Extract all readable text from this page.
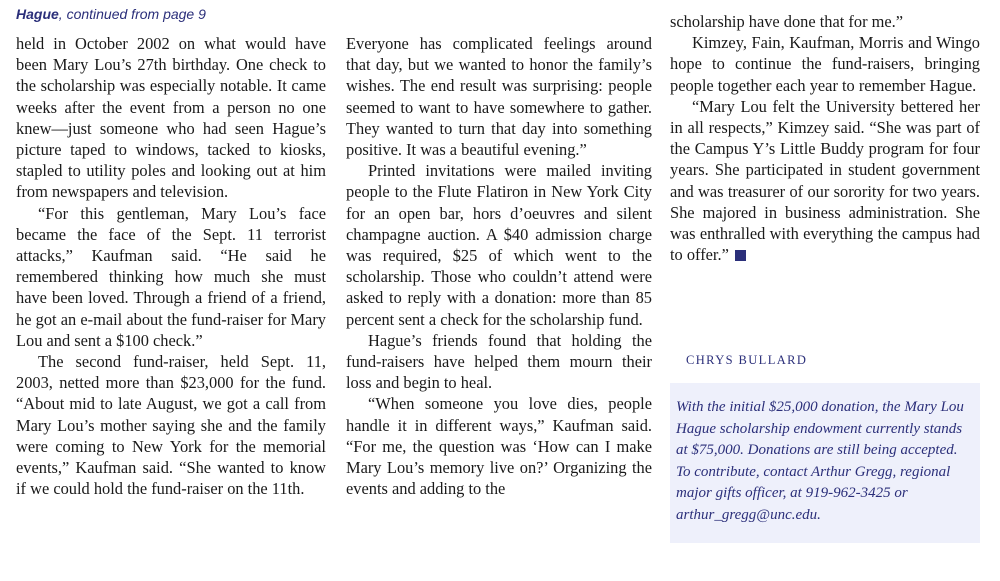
Hague, continued from page 9

held in October 2002 on what would have been Mary Lou’s 27th birthday. One check to the scholarship was especially notable. It came weeks after the event from a person no one knew—just someone who had seen Hague’s picture taped to windows, tacked to kiosks, stapled to utility poles and looking out at him from newspapers and television.

“For this gentleman, Mary Lou’s face became the face of the Sept. 11 terrorist attacks,” Kaufman said. “He said he remembered thinking how much she must have been loved. Through a friend of a friend, he got an e-mail about the fund-raiser for Mary Lou and sent a $100 check.”

The second fund-raiser, held Sept. 11, 2003, netted more than $23,000 for the fund. “About mid to late August, we got a call from Mary Lou’s mother saying she and the family were coming to New York for the memorial events,” Kaufman said. “She wanted to know if we could hold the fund-raiser on the 11th.

Everyone has complicated feelings around that day, but we wanted to honor the family’s wishes. The end result was surprising: people seemed to want to have somewhere to gather. They wanted to turn that day into something positive. It was a beautiful evening.”

Printed invitations were mailed inviting people to the Flute Flatiron in New York City for an open bar, hors d’oeuvres and silent champagne auction. A $40 admission charge was required, $25 of which went to the scholarship. Those who couldn’t attend were asked to reply with a donation: more than 85 percent sent a check for the scholarship fund.

Hague’s friends found that holding the fund-raisers have helped them mourn their loss and begin to heal.

“When someone you love dies, people handle it in different ways,” Kaufman said. “For me, the question was ‘How can I make Mary Lou’s memory live on?’ Organizing the events and adding to the

scholarship have done that for me.”

Kimzey, Fain, Kaufman, Morris and Wingo hope to continue the fund-raisers, bringing people together each year to remember Hague.

“Mary Lou felt the University bettered her in all respects,” Kimzey said. “She was part of the Campus Y’s Little Buddy program for four years. She participated in student government and was treasurer of our sorority for two years. She majored in business administration. She was enthralled with everything the campus had to offer.”

CHRYS BULLARD

With the initial $25,000 donation, the Mary Lou Hague scholarship endowment currently stands at $75,000. Donations are still being accepted. To contribute, contact Arthur Gregg, regional major gifts officer, at 919-962-3425 or arthur_gregg@unc.edu.
